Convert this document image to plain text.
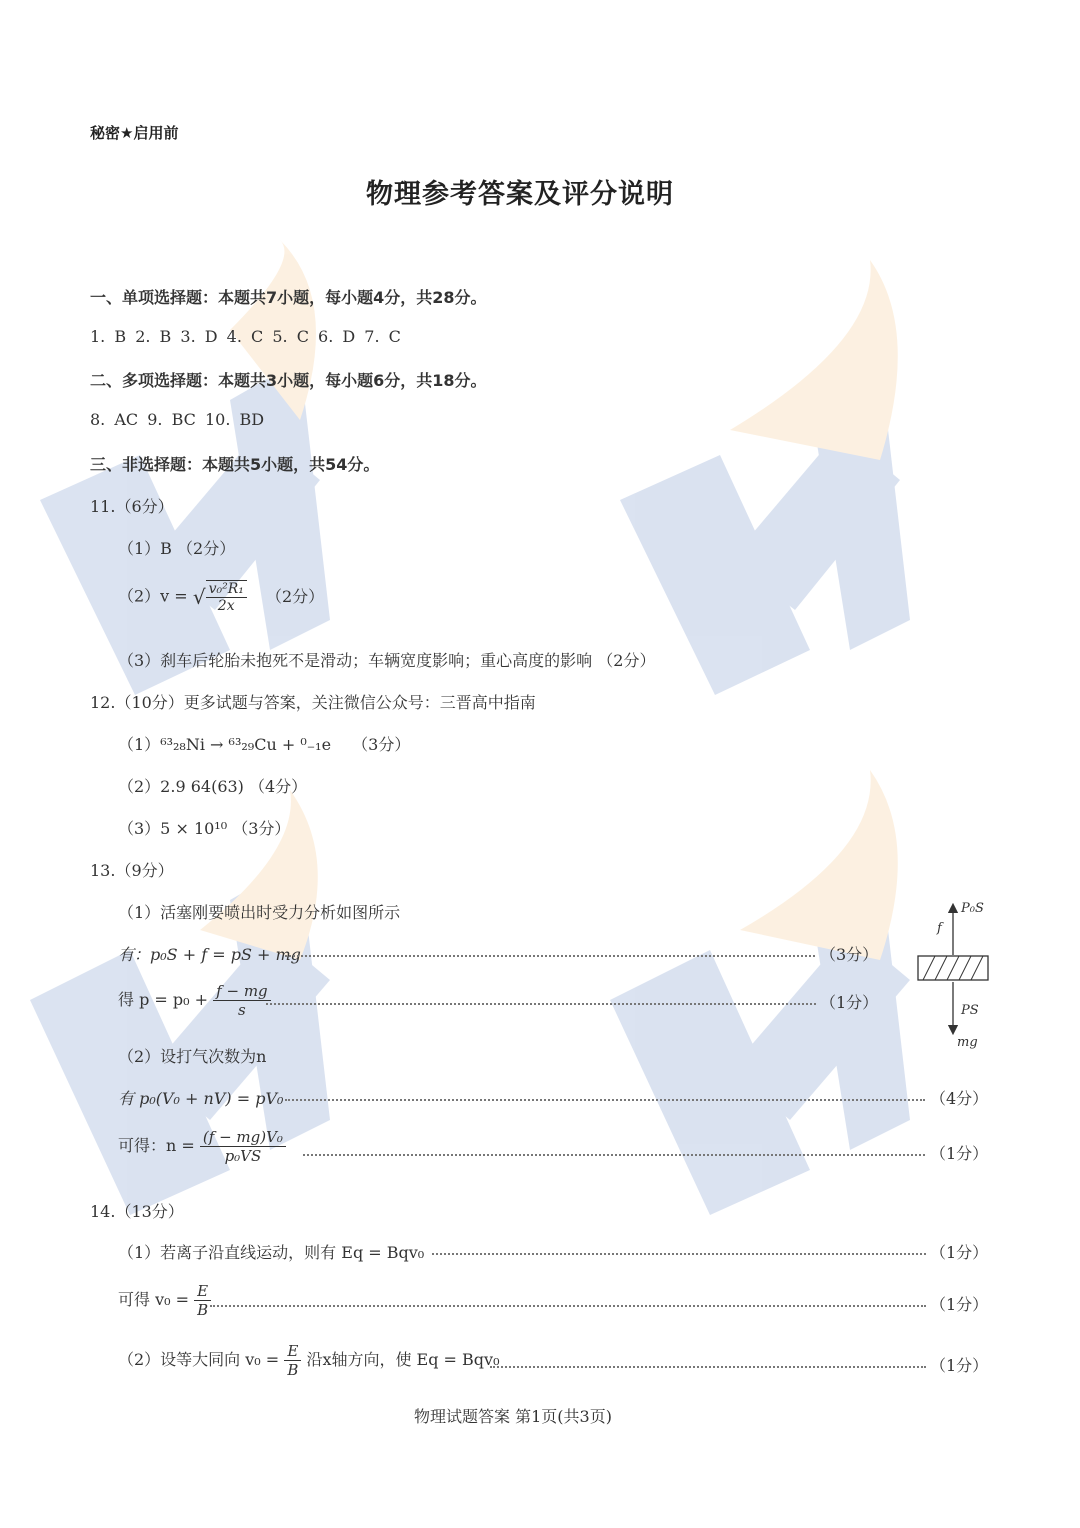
秘密★启用前
物理参考答案及评分说明
一、单项选择题：本题共7小题，每小题4分，共28分。
1. B 2. B 3. D 4. C 5. C 6. D 7. C
二、多项选择题：本题共3小题，每小题6分，共18分。
8. AC 9. BC 10. BD
三、非选择题：本题共5小题，共54分。
11.（6分）
（1）B （2分）
（2）v = √ $\frac{\text{v₀²R₁}}{2x} (2$分）
（3）刹车后轮胎未抱死不是滑动；车辆宽度影响；重心高度的影响 （2分）
12.（10分）更多试题与答案，关注微信公众号：三晋高中指南
（1）⁶³₂₈Ni → ⁶³₂₉Cu + ⁰₋₁e （3分）
（2）2.9 64(63) （4分）
（3）5 × 10¹⁰ （3分）
13.（9分）
（1）活塞刚要喷出时受力分析如图所示
有：p₀S + f = pS + mg	（3分）
得 $p = p_0 + \frac{f - mg}{s}$	（1分）
（2）设打气次数为n
有 p₀(V₀ + nV) = pV₀	（4分）
可得：$n = \frac{\text{(f − mg)V₀}}{\text{p₀VS}}$	（1分）
P₀S
f
PS
mg
14.（13分）
（1）若离子沿直线运动，则有 Eq = Bqv₀	（1分）
可得 $v_0 = \frac{E}{B}$	（1分）
（2）设等大同向 $v_0 = \frac{E}{B}$ 沿x轴方向，使 Eq = Bqv₀	（1分）
物理试题答案 第1页(共3页)
